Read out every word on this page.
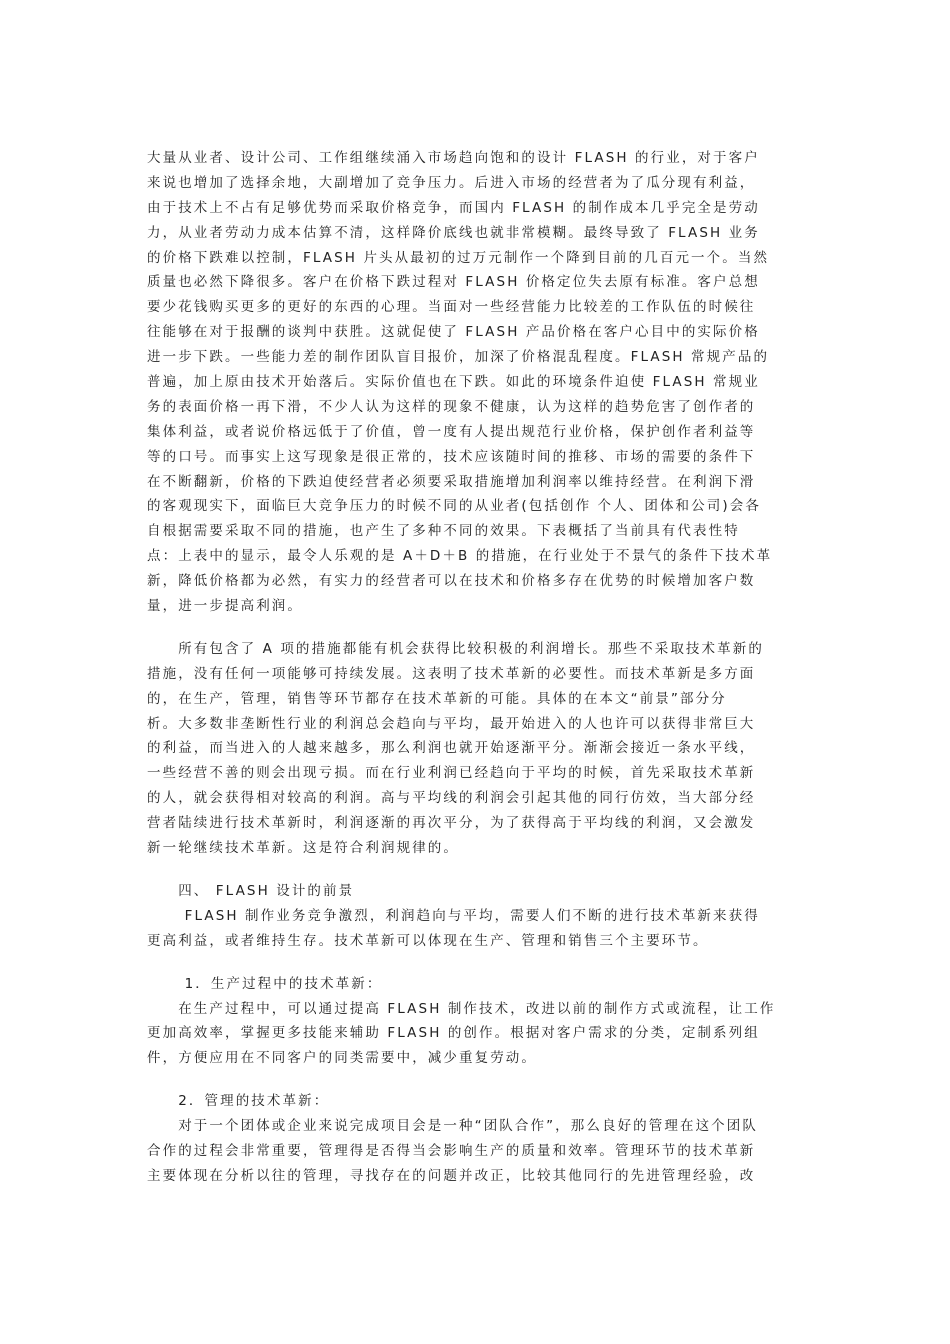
大量从业者、设计公司、工作组继续涌入市场趋向饱和的设计 FLASH 的行业，对于客户
来说也增加了选择余地，大副增加了竞争压力。后进入市场的经营者为了瓜分现有利益，
由于技术上不占有足够优势而采取价格竞争，而国内 FLASH 的制作成本几乎完全是劳动
力，从业者劳动力成本估算不清，这样降价底线也就非常模糊。最终导致了 FLASH 业务
的价格下跌难以控制，FLASH 片头从最初的过万元制作一个降到目前的几百元一个。当然
质量也必然下降很多。客户在价格下跌过程对 FLASH 价格定位失去原有标准。客户总想
要少花钱购买更多的更好的东西的心理。当面对一些经营能力比较差的工作队伍的时候往
往能够在对于报酬的谈判中获胜。这就促使了 FLASH 产品价格在客户心目中的实际价格
进一步下跌。一些能力差的制作团队盲目报价，加深了价格混乱程度。FLASH 常规产品的
普遍，加上原由技术开始落后。实际价值也在下跌。如此的环境条件迫使 FLASH 常规业
务的表面价格一再下滑，不少人认为这样的现象不健康，认为这样的趋势危害了创作者的
集体利益，或者说价格远低于了价值，曾一度有人提出规范行业价格，保护创作者利益等
等的口号。而事实上这写现象是很正常的，技术应该随时间的推移、市场的需要的条件下
在不断翻新，价格的下跌迫使经营者必须要采取措施增加利润率以维持经营。在利润下滑
的客观现实下，面临巨大竞争压力的时候不同的从业者(包括创作 个人、团体和公司)会各
自根据需要采取不同的措施，也产生了多种不同的效果。下表概括了当前具有代表性特
点：上表中的显示，最令人乐观的是 A＋D＋B 的措施，在行业处于不景气的条件下技术革
新，降低价格都为必然，有实力的经营者可以在技术和价格多存在优势的时候增加客户数
量，进一步提高利润。
　　所有包含了 A 项的措施都能有机会获得比较积极的利润增长。那些不采取技术革新的
措施，没有任何一项能够可持续发展。这表明了技术革新的必要性。而技术革新是多方面
的，在生产，管理，销售等环节都存在技术革新的可能。具体的在本文“前景”部分分
析。大多数非垄断性行业的利润总会趋向与平均，最开始进入的人也许可以获得非常巨大
的利益，而当进入的人越来越多，那么利润也就开始逐渐平分。渐渐会接近一条水平线，
一些经营不善的则会出现亏损。而在行业利润已经趋向于平均的时候，首先采取技术革新
的人，就会获得相对较高的利润。高与平均线的利润会引起其他的同行仿效，当大部分经
营者陆续进行技术革新时，利润逐渐的再次平分，为了获得高于平均线的利润，又会激发
新一轮继续技术革新。这是符合利润规律的。
　　四、 FLASH 设计的前景
　　 FLASH 制作业务竞争激烈，利润趋向与平均，需要人们不断的进行技术革新来获得
更高利益，或者维持生存。技术革新可以体现在生产、管理和销售三个主要环节。
　　 1．生产过程中的技术革新：
　　在生产过程中，可以通过提高 FLASH 制作技术，改进以前的制作方式或流程，让工作
更加高效率，掌握更多技能来辅助 FLASH 的创作。根据对客户需求的分类，定制系列组
件，方便应用在不同客户的同类需要中，减少重复劳动。
　　2．管理的技术革新：
　　对于一个团体或企业来说完成项目会是一种“团队合作”，那么良好的管理在这个团队
合作的过程会非常重要，管理得是否得当会影响生产的质量和效率。管理环节的技术革新
主要体现在分析以往的管理，寻找存在的问题并改正，比较其他同行的先进管理经验，改
